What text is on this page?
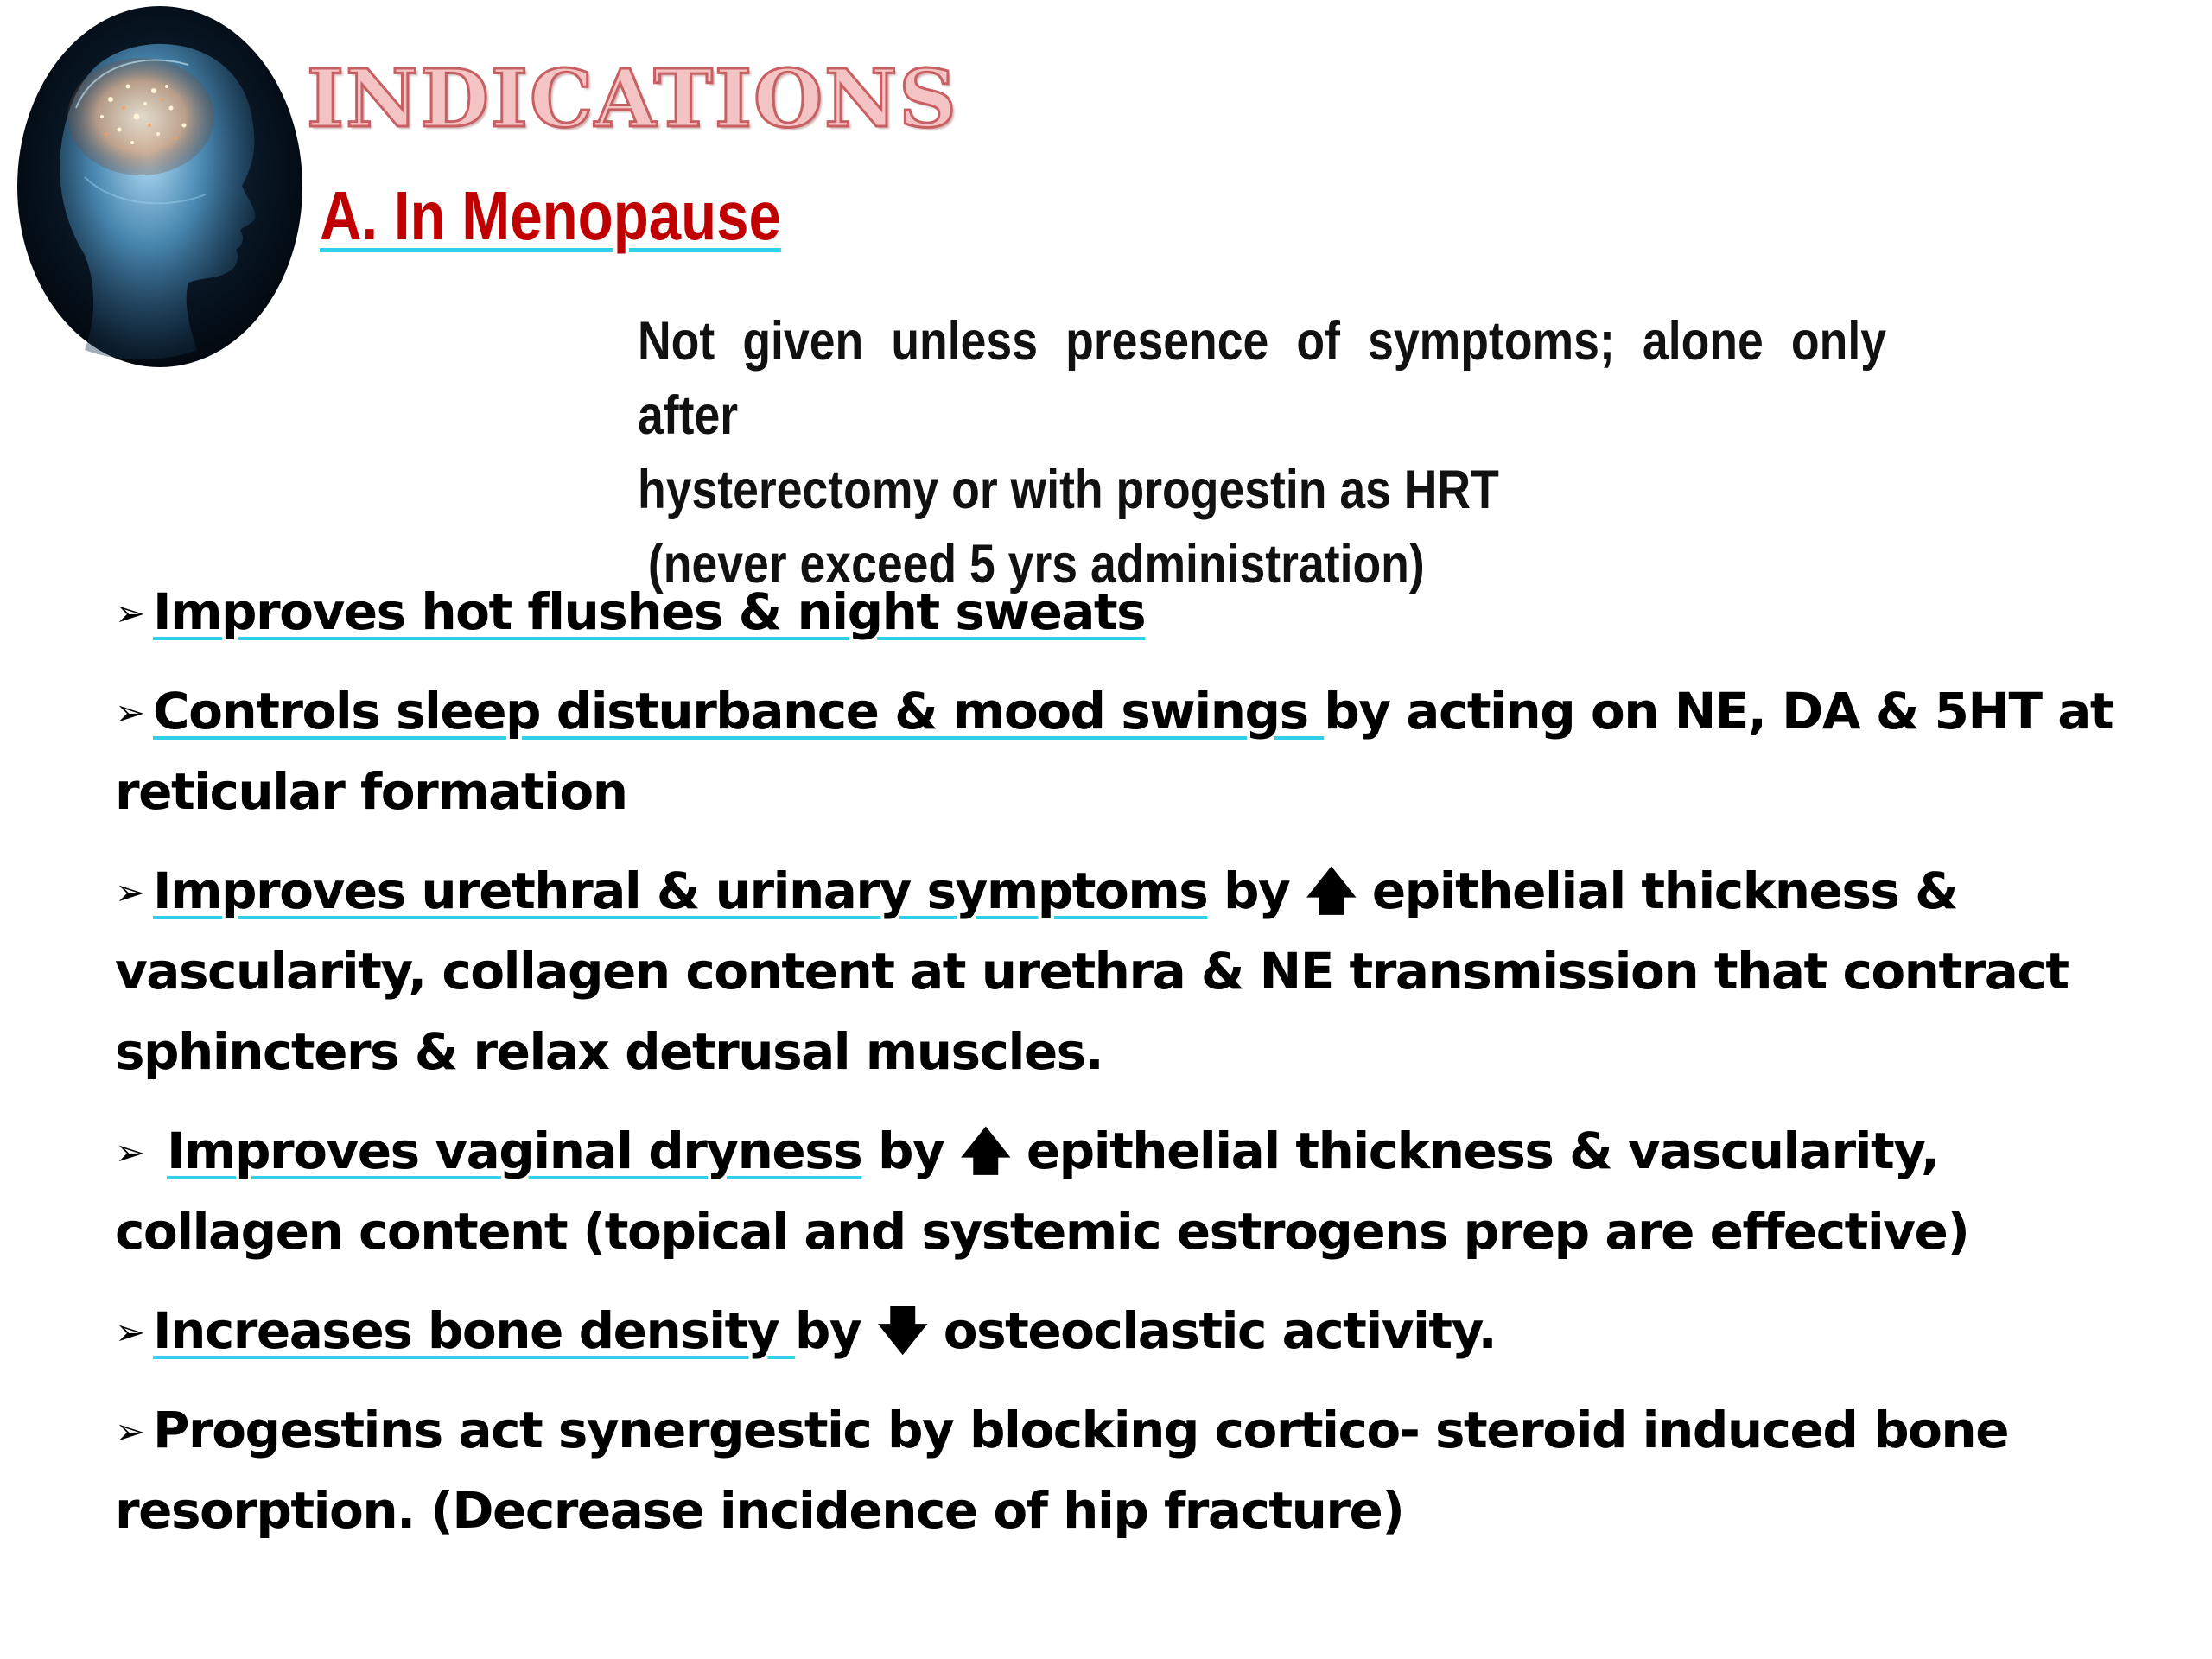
INDICATIONS
A. In Menopause

Not given unless presence of symptoms; alone only after
hysterectomy or with progestin as HRT
(never exceed 5 yrs administration)

➢ Improves hot flushes & night sweats
➢ Controls sleep disturbance & mood swings by acting on NE, DA & 5HT at reticular formation
➢ Improves urethral & urinary symptoms by 🡅 epithelial thickness & vascularity, collagen content at urethra & NE transmission that contract sphincters & relax detrusal muscles.
➢ Improves vaginal dryness by 🡅 epithelial thickness & vascularity, collagen content (topical and systemic estrogens prep are effective)
➢ Increases bone density by 🡇 osteoclastic activity.
➢ Progestins act synergestic by blocking cortico- steroid induced bone resorption. (Decrease incidence of hip fracture)
